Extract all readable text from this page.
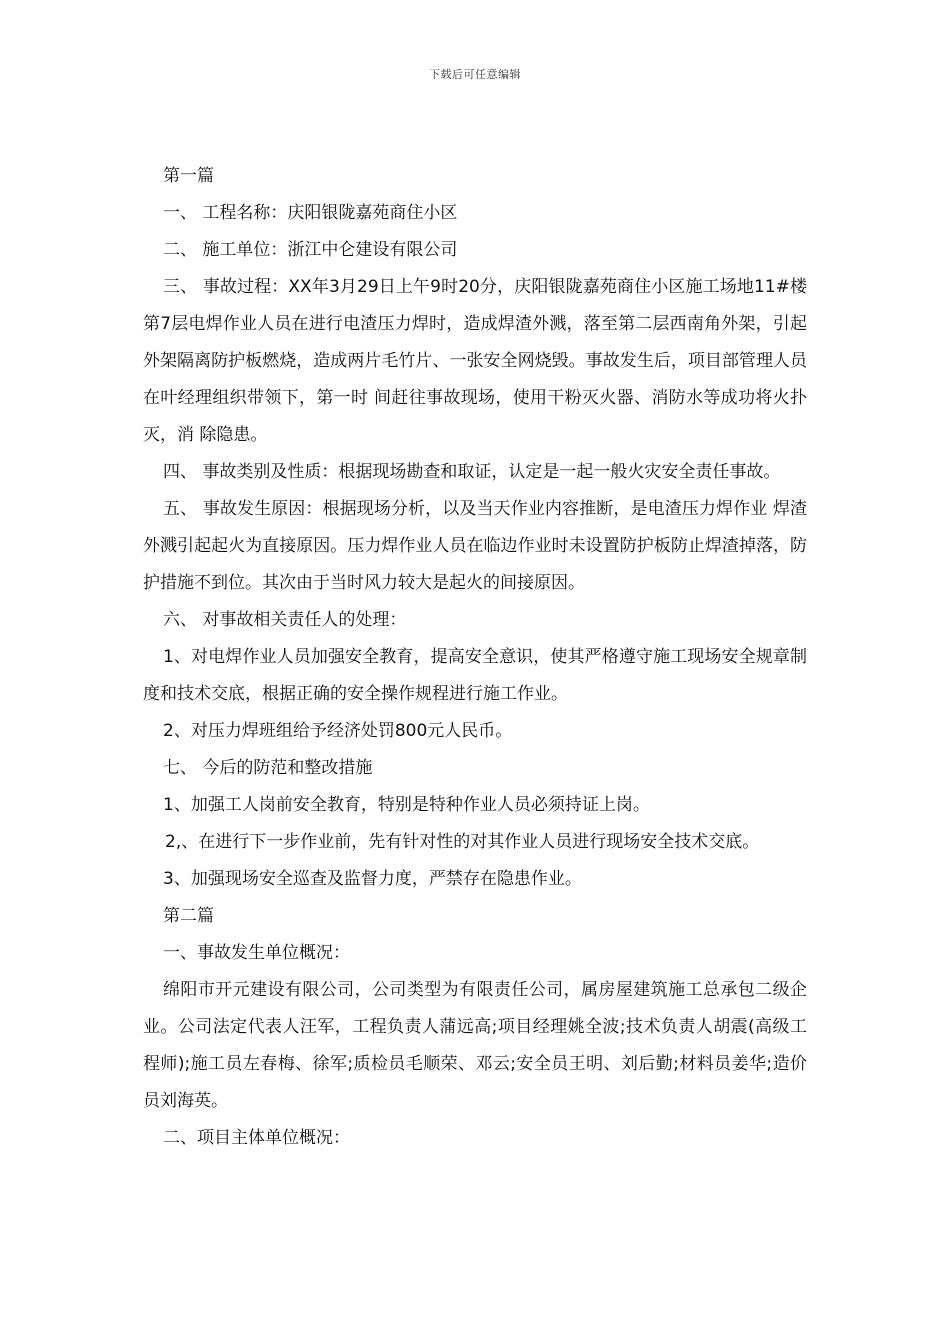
下载后可任意编辑

第一篇

一、 工程名称：庆阳银陇嘉苑商住小区

二、 施工单位：浙江中仑建设有限公司

三、 事故过程：XX年3月29日上午9时20分，庆阳银陇嘉苑商住小区施工场地11#楼第7层电焊作业人员在进行电渣压力焊时，造成焊渣外溅，落至第二层西南角外架，引起外架隔离防护板燃烧，造成两片毛竹片、一张安全网烧毁。事故发生后，项目部管理人员在叶经理组织带领下，第一时 间赶往事故现场，使用干粉灭火器、消防水等成功将火扑灭，消 除隐患。

四、 事故类别及性质：根据现场勘查和取证，认定是一起一般火灾安全责任事故。

五、 事故发生原因：根据现场分析，以及当天作业内容推断，是电渣压力焊作业 焊渣外溅引起起火为直接原因。压力焊作业人员在临边作业时未设置防护板防止焊渣掉落，防护措施不到位。其次由于当时风力较大是起火的间接原因。

六、 对事故相关责任人的处理：

1、对电焊作业人员加强安全教育，提高安全意识，使其严格遵守施工现场安全规章制度和技术交底，根据正确的安全操作规程进行施工作业。

2、对压力焊班组给予经济处罚800元人民币。

七、 今后的防范和整改措施

1、加强工人岗前安全教育，特别是特种作业人员必须持证上岗。

2,、在进行下一步作业前，先有针对性的对其作业人员进行现场安全技术交底。

3、加强现场安全巡查及监督力度，严禁存在隐患作业。

第二篇

一、事故发生单位概况：

绵阳市开元建设有限公司，公司类型为有限责任公司，属房屋建筑施工总承包二级企业。公司法定代表人汪军，工程负责人蒲远高;项目经理姚全波;技术负责人胡震(高级工程师);施工员左春梅、徐军;质检员毛顺荣、邓云;安全员王明、刘后勤;材料员姜华;造价员刘海英。

二、项目主体单位概况：
